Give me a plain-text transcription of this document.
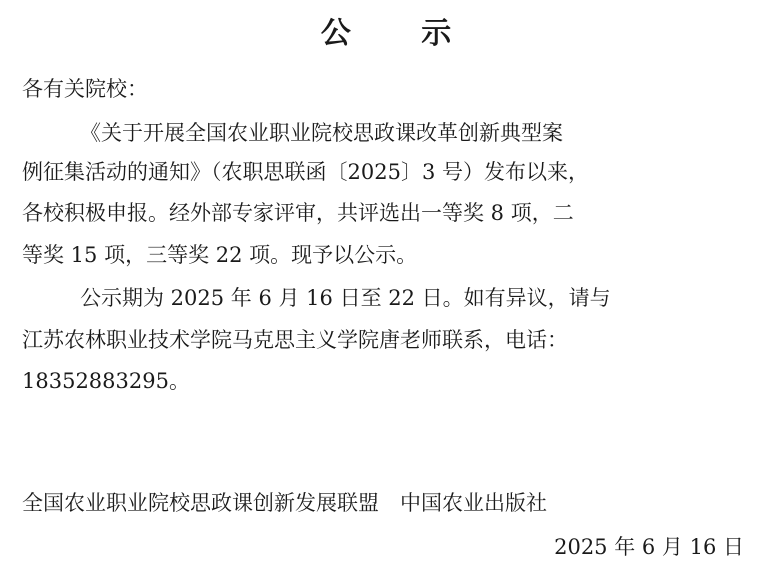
公 示
各有关院校：
《关于开展全国农业职业院校思政课改革创新典型案
例征集活动的通知》（农职思联函〔2025〕3 号）发布以来，
各校积极申报。经外部专家评审，共评选出一等奖 8 项，二
等奖 15 项，三等奖 22 项。现予以公示。
公示期为 2025 年 6 月 16 日至 22 日。如有异议，请与
江苏农林职业技术学院马克思主义学院唐老师联系，电话：
18352883295。
全国农业职业院校思政课创新发展联盟　中国农业出版社
2025 年 6 月 16 日
